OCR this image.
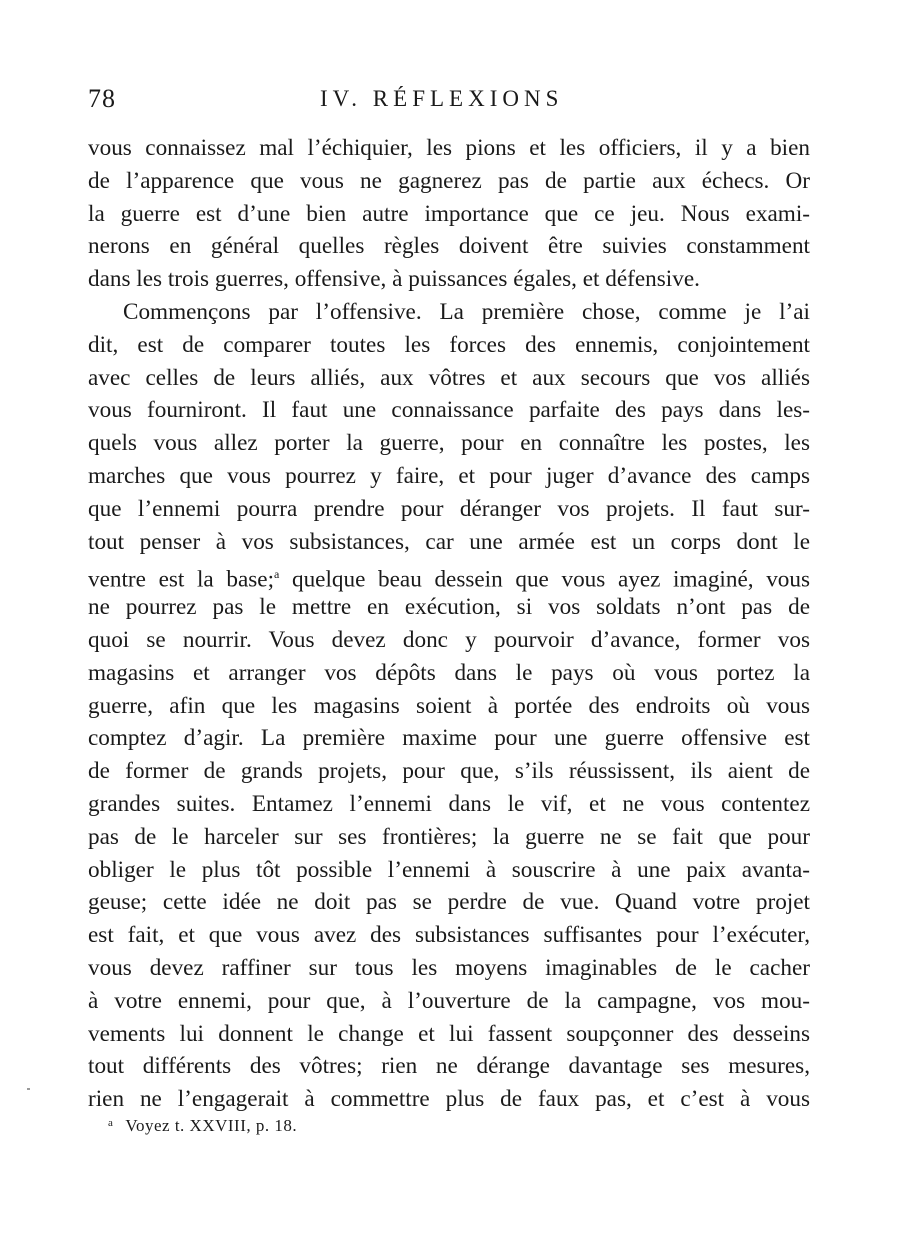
78	IV. RÉFLEXIONS
vous connaissez mal l’échiquier, les pions et les officiers, il y a bien
de l’apparence que vous ne gagnerez pas de partie aux échecs. Or
la guerre est d’une bien autre importance que ce jeu. Nous exami-
nerons en général quelles règles doivent être suivies constamment
dans les trois guerres, offensive, à puissances égales, et défensive.
Commençons par l’offensive. La première chose, comme je l’ai
dit, est de comparer toutes les forces des ennemis, conjointement
avec celles de leurs alliés, aux vôtres et aux secours que vos alliés
vous fourniront. Il faut une connaissance parfaite des pays dans les-
quels vous allez porter la guerre, pour en connaître les postes, les
marches que vous pourrez y faire, et pour juger d’avance des camps
que l’ennemi pourra prendre pour déranger vos projets. Il faut sur-
tout penser à vos subsistances, car une armée est un corps dont le
ventre est la base;$^a$ quelque beau dessein que vous ayez imaginé, vous
ne pourrez pas le mettre en exécution, si vos soldats n’ont pas de
quoi se nourrir. Vous devez donc y pourvoir d’avance, former vos
magasins et arranger vos dépôts dans le pays où vous portez la
guerre, afin que les magasins soient à portée des endroits où vous
comptez d’agir. La première maxime pour une guerre offensive est
de former de grands projets, pour que, s’ils réussissent, ils aient de
grandes suites. Entamez l’ennemi dans le vif, et ne vous contentez
pas de le harceler sur ses frontières; la guerre ne se fait que pour
obliger le plus tôt possible l’ennemi à souscrire à une paix avanta-
geuse; cette idée ne doit pas se perdre de vue. Quand votre projet
est fait, et que vous avez des subsistances suffisantes pour l’exécuter,
vous devez raffiner sur tous les moyens imaginables de le cacher
à votre ennemi, pour que, à l’ouverture de la campagne, vos mou-
vements lui donnent le change et lui fassent soupçonner des desseins
tout différents des vôtres; rien ne dérange davantage ses mesures,
rien ne l’engagerait à commettre plus de faux pas, et c’est à vous
$^a$ Voyez t. XXVIII, p. 18.
